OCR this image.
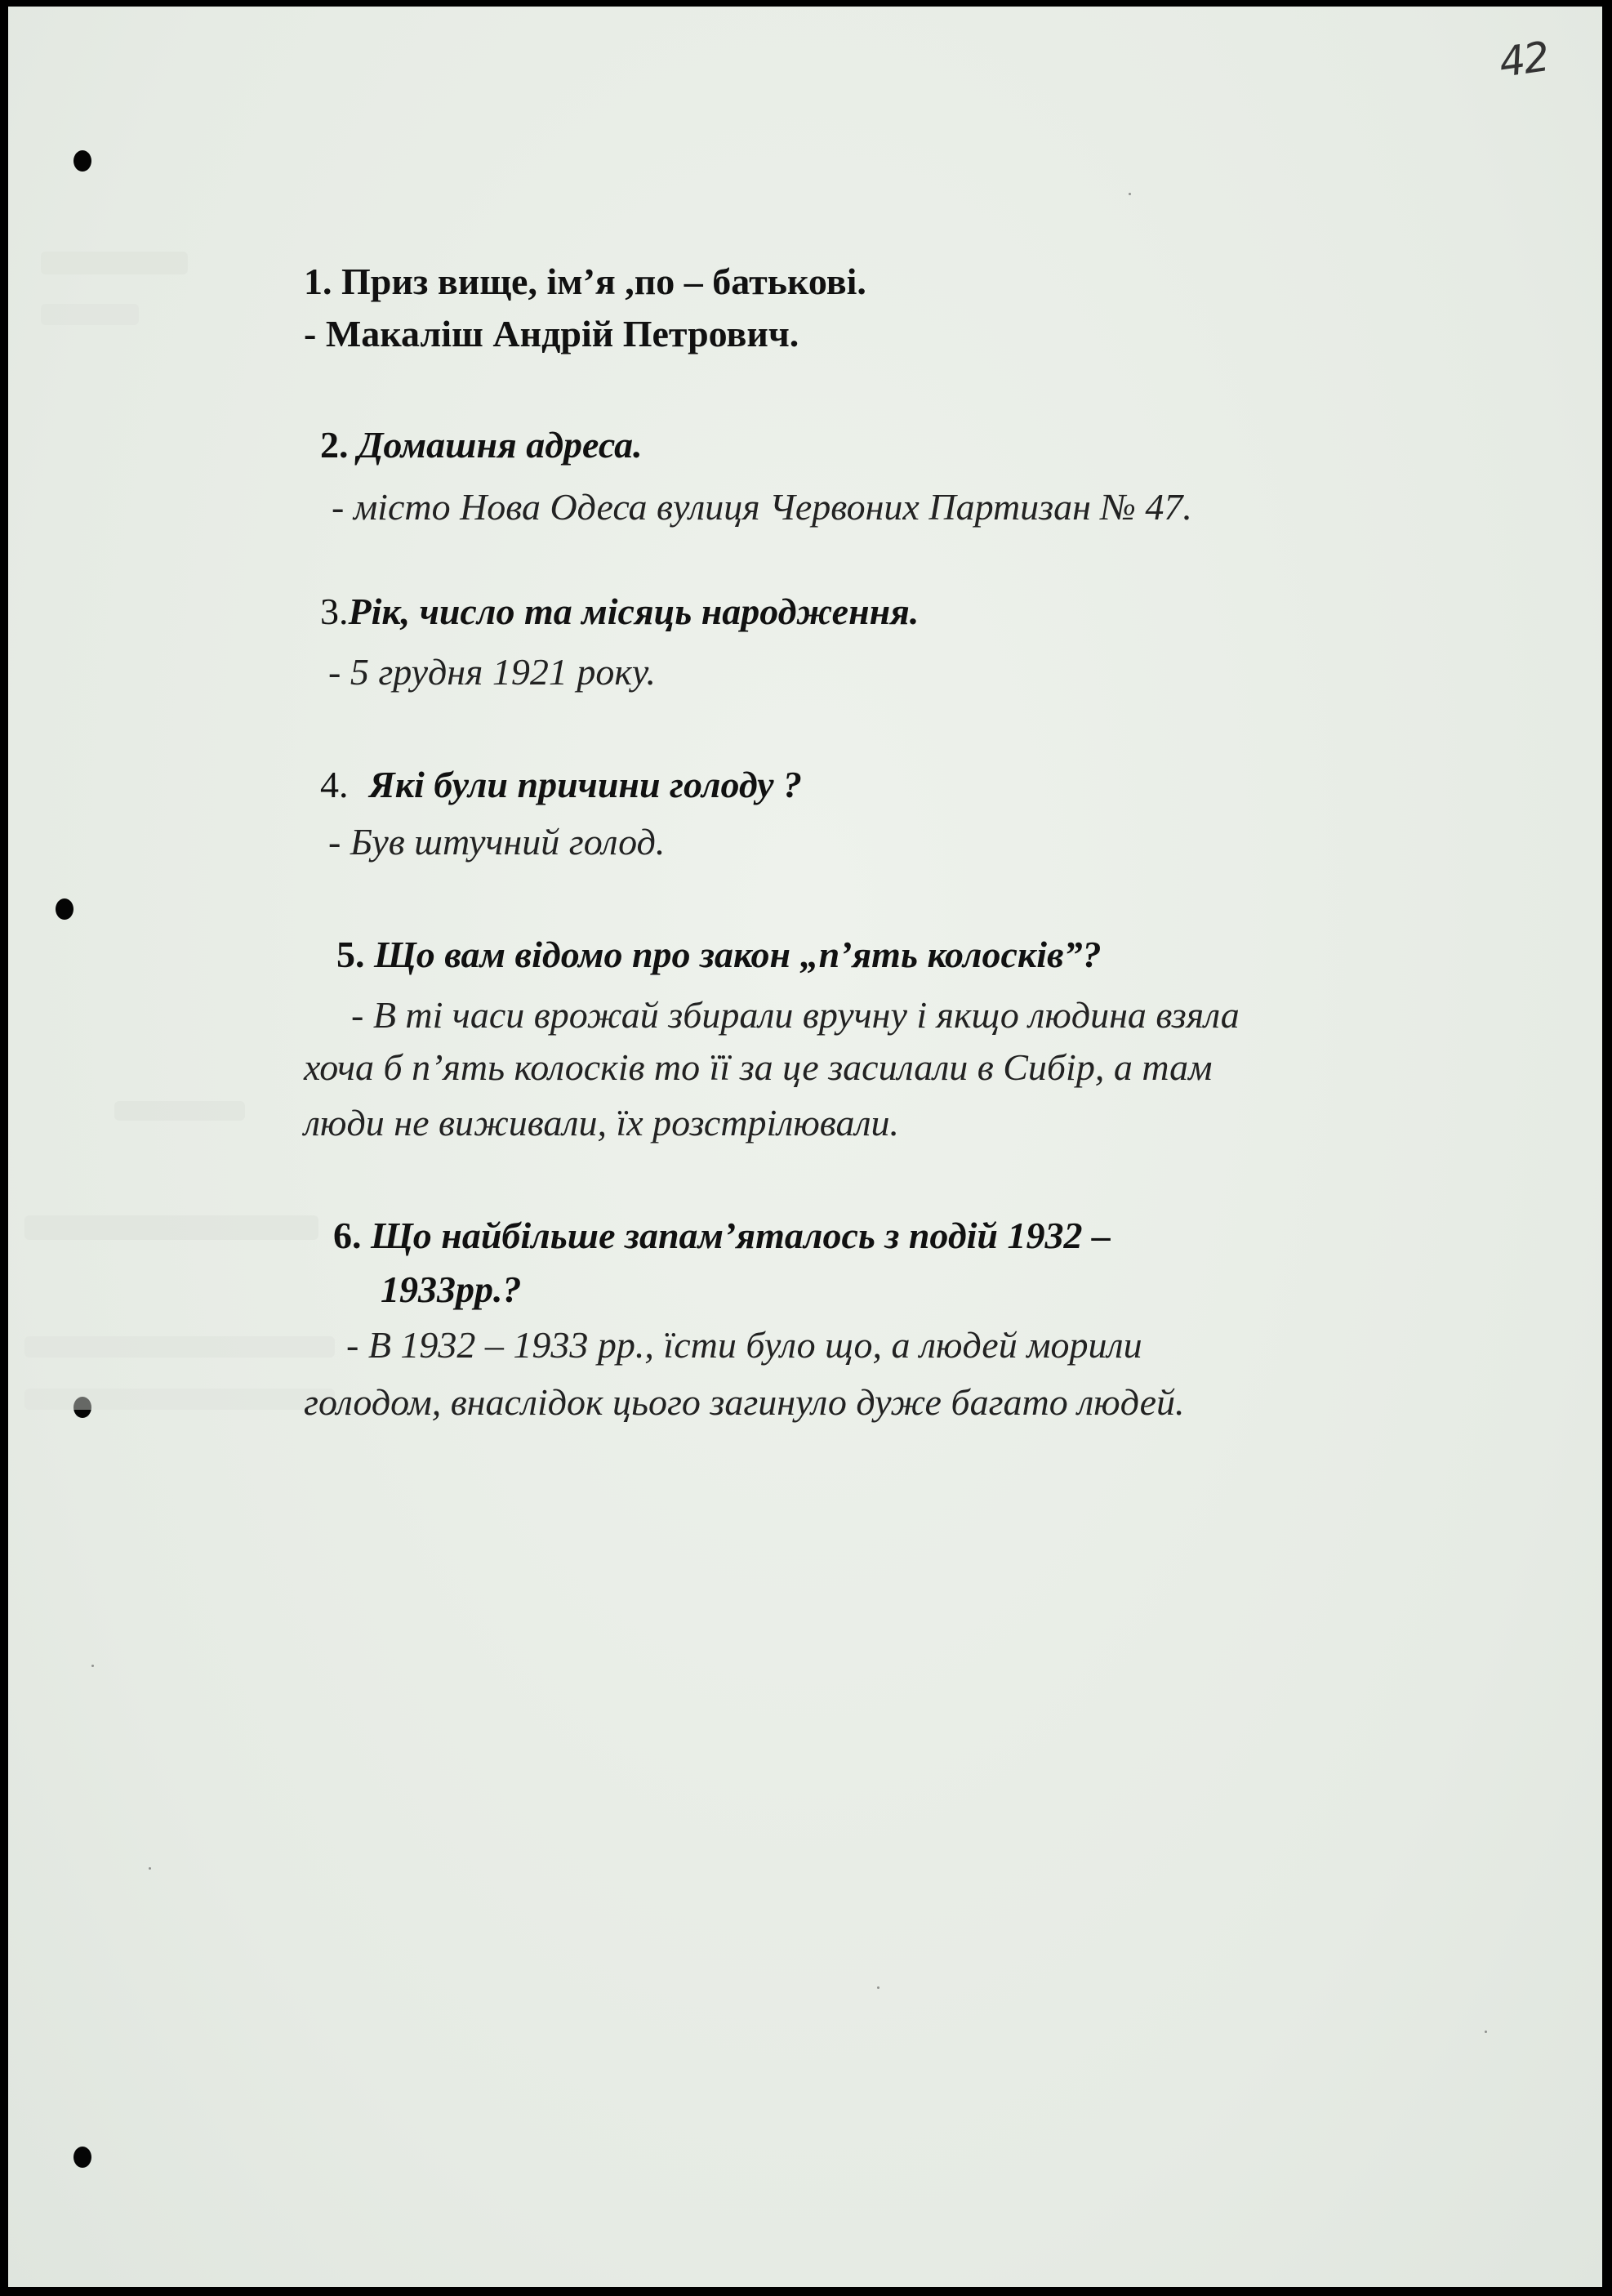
42
1. Приз вище, ім’я ,по – батькові.
- Макаліш Андрій Петрович.
2. Домашня адреса.
- місто Нова Одеса вулиця Червоних Партизан № 47.
3.Рік, число та місяць народження.
- 5 грудня 1921 року.
4. Які були причини голоду ?
- Був штучний голод.
5. Що вам відомо про закон „п’ять колосків”?
- В ті часи врожай збирали вручну і якщо людина взяла
хоча б п’ять колосків то її за це засилали в Сибір, а там
люди не виживали, їх розстрілювали.
6. Що найбільше запам’яталось з подій 1932 –
1933рр.?
- В 1932 – 1933 рр., їсти було що, а людей морили
голодом, внаслідок цього загинуло дуже багато людей.
